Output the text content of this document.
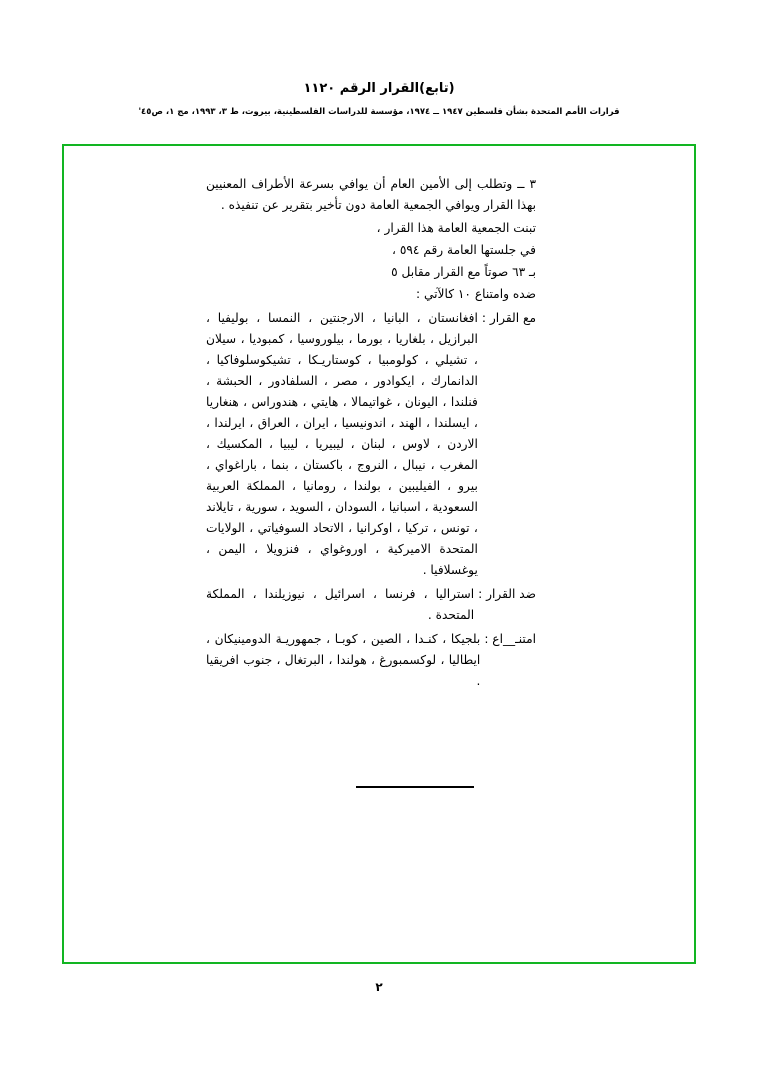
(تابع)القرار الرقم ١١٢٠
قرارات الأمم المتحدة بشأن فلسطين ١٩٤٧ ــ ١٩٧٤، مؤسسة للدراسات الفلسطينية، بيروت، ط ٣، ١٩٩٣، مج ١، ص٤٥'

٣ ــ وتطلب إلى الأمين العام أن يوافي بسرعة الأطراف المعنيين بهذا القرار ويوافي الجمعية العامة دون تأخير بتقرير عن تنفيذه .

تبنت الجمعية العامة هذا القرار ،

في جلستها العامة رقم ٥٩٤ ،

بـ ٦٣ صوتاً مع القرار مقابل ٥

ضده وامتناع ١٠ كالآتي :

مع القرار :
افغانستان ، البانيا ، الارجنتين ، النمسا ، بوليفيا ، البرازيل ، بلغاريا ، بورما ، بيلوروسيا ، كمبوديا ، سيلان ، تشيلي ، كولومبيا ، كوستاريـكا ، تشيكوسلوفاكيا ، الدانمارك ، ايكوادور ، مصر ، السلفادور ، الحبشة ، فنلندا ، اليونان ، غواتيمالا ، هايتي ، هندوراس ، هنغاريا ، ايسلندا ، الهند ، اندونيسيا ، ايران ، العراق ، ايرلندا ، الاردن ، لاوس ، لبنان ، ليبيريا ، ليبيا ، المكسيك ، المغرب ، نيبال ، النروج ، باكستان ، بنما ، باراغواي ، بيرو ، الفيليبين ، بولندا ، رومانيا ، المملكة العربية السعودية ، اسبانيا ، السودان ، السويد ، سورية ، تايلاند ، تونس ، تركيا ، اوكرانيا ، الاتحاد السوفياتي ، الولايات المتحدة الاميركية ، اوروغواي ، فنزويلا ، اليمن ، يوغسلافيا .
ضد القرار :
استراليا ، فرنسا ، اسرائيل ، نيوزيلندا ، المملكة المتحدة .
امتنـ__اع :
بلجيكا ، كنـدا ، الصين ، كوبـا ، جمهوريـة الدومينيكان ، ايطاليا ، لوكسمبورغ ، هولندا ، البرتغال ، جنوب افريقيا .
٢
